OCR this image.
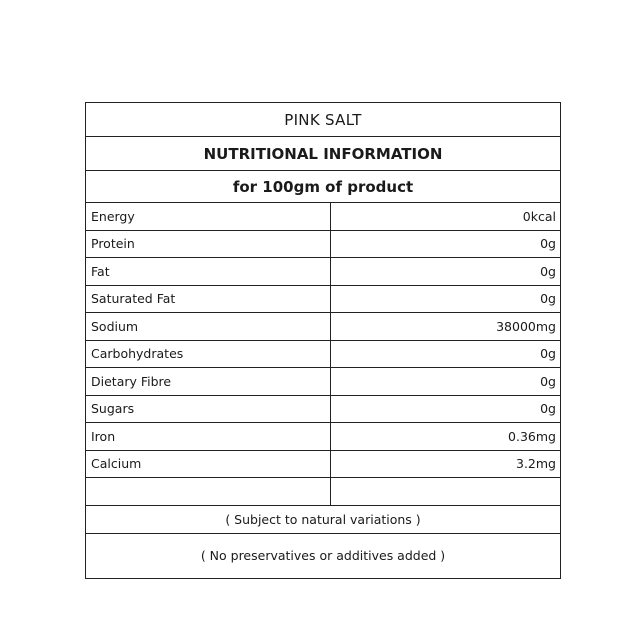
PINK SALT
NUTRITIONAL INFORMATION
for 100gm of product
Energy	0kcal
Protein	0g
Fat	0g
Saturated Fat	0g
Sodium	38000mg
Carbohydrates	0g
Dietary Fibre	0g
Sugars	0g
Iron	0.36mg
Calcium	3.2mg
( Subject to natural variations )
( No preservatives or additives added )
